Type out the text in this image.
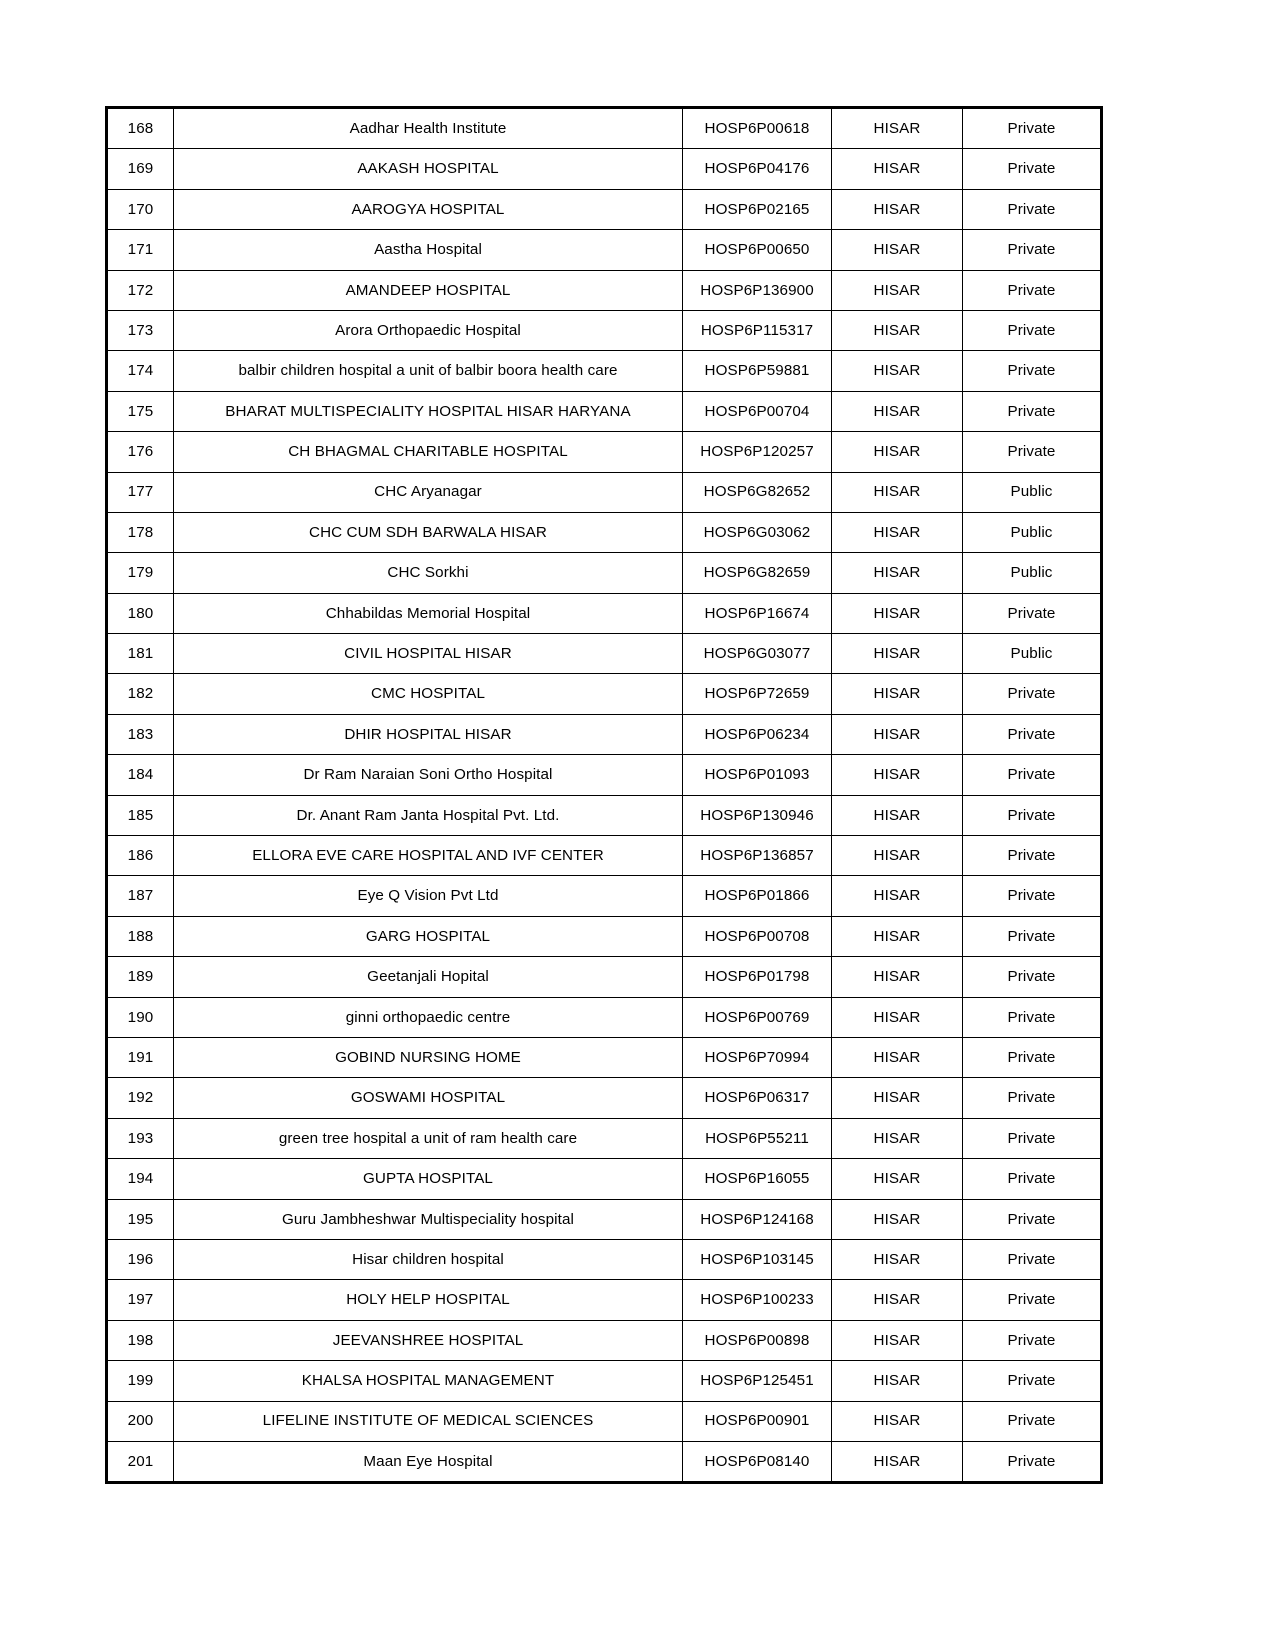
168	Aadhar Health Institute	HOSP6P00618	HISAR	Private
169	AAKASH HOSPITAL	HOSP6P04176	HISAR	Private
170	AAROGYA HOSPITAL	HOSP6P02165	HISAR	Private
171	Aastha Hospital	HOSP6P00650	HISAR	Private
172	AMANDEEP HOSPITAL	HOSP6P136900	HISAR	Private
173	Arora Orthopaedic Hospital	HOSP6P115317	HISAR	Private
174	balbir children hospital a unit of balbir boora health care	HOSP6P59881	HISAR	Private
175	BHARAT MULTISPECIALITY HOSPITAL HISAR HARYANA	HOSP6P00704	HISAR	Private
176	CH BHAGMAL CHARITABLE HOSPITAL	HOSP6P120257	HISAR	Private
177	CHC Aryanagar	HOSP6G82652	HISAR	Public
178	CHC CUM SDH BARWALA HISAR	HOSP6G03062	HISAR	Public
179	CHC Sorkhi	HOSP6G82659	HISAR	Public
180	Chhabildas Memorial Hospital	HOSP6P16674	HISAR	Private
181	CIVIL HOSPITAL HISAR	HOSP6G03077	HISAR	Public
182	CMC HOSPITAL	HOSP6P72659	HISAR	Private
183	DHIR HOSPITAL HISAR	HOSP6P06234	HISAR	Private
184	Dr Ram Naraian Soni Ortho Hospital	HOSP6P01093	HISAR	Private
185	Dr. Anant Ram Janta Hospital Pvt. Ltd.	HOSP6P130946	HISAR	Private
186	ELLORA EVE CARE HOSPITAL AND IVF CENTER	HOSP6P136857	HISAR	Private
187	Eye Q Vision Pvt Ltd	HOSP6P01866	HISAR	Private
188	GARG HOSPITAL	HOSP6P00708	HISAR	Private
189	Geetanjali Hopital	HOSP6P01798	HISAR	Private
190	ginni orthopaedic centre	HOSP6P00769	HISAR	Private
191	GOBIND NURSING HOME	HOSP6P70994	HISAR	Private
192	GOSWAMI HOSPITAL	HOSP6P06317	HISAR	Private
193	green tree hospital a unit of ram health care	HOSP6P55211	HISAR	Private
194	GUPTA HOSPITAL	HOSP6P16055	HISAR	Private
195	Guru Jambheshwar Multispeciality hospital	HOSP6P124168	HISAR	Private
196	Hisar children hospital	HOSP6P103145	HISAR	Private
197	HOLY HELP HOSPITAL	HOSP6P100233	HISAR	Private
198	JEEVANSHREE HOSPITAL	HOSP6P00898	HISAR	Private
199	KHALSA HOSPITAL MANAGEMENT	HOSP6P125451	HISAR	Private
200	LIFELINE INSTITUTE OF MEDICAL SCIENCES	HOSP6P00901	HISAR	Private
201	Maan Eye Hospital	HOSP6P08140	HISAR	Private
